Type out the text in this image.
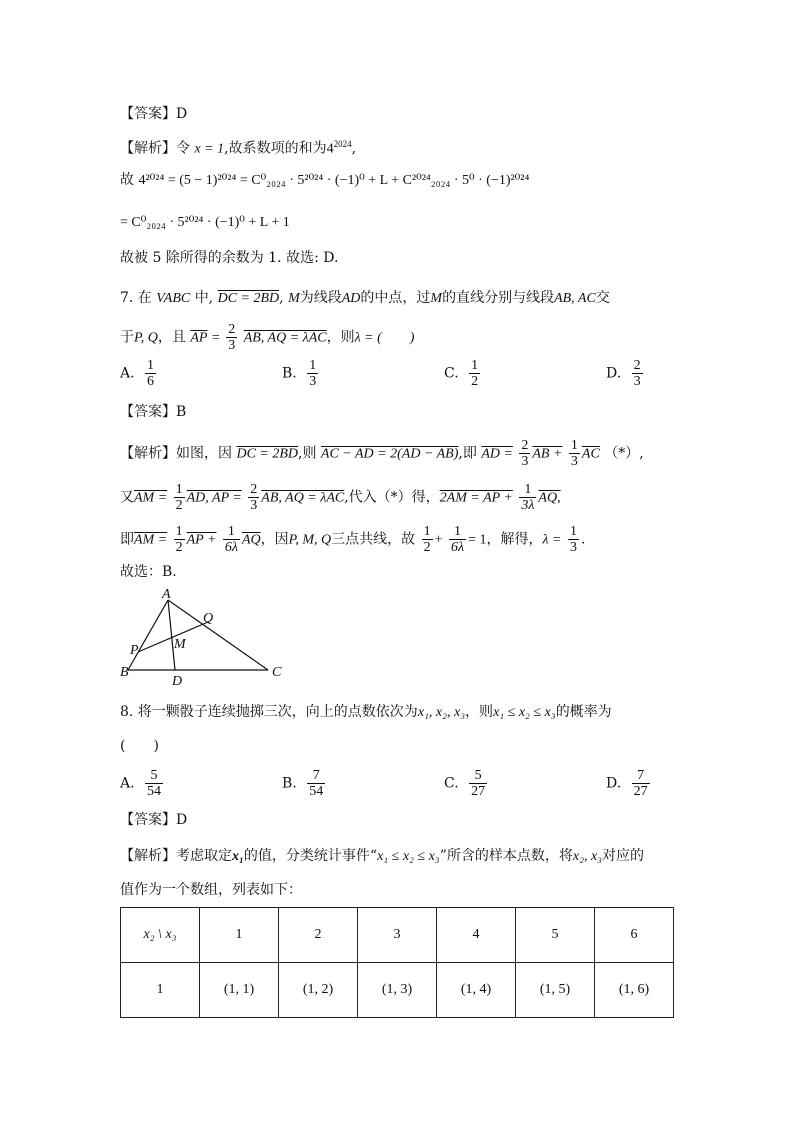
【答案】D
【解析】令 x = 1,故系数项的和为$4^{2024}$,
故 4²⁰²⁴ = (5 − 1)²⁰²⁴ = C⁰₂₀₂₄ · 5²⁰²⁴ · (−1)⁰ + L + C²⁰²⁴₂₀₂₄ · 5⁰ · (−1)²⁰²⁴
= C⁰₂₀₂₄ · 5²⁰²⁴ · (−1)⁰ + L + 1
故被 5 除所得的余数为 1. 故选: D.
7. 在 VABC 中, DC = 2BD, M为线段AD的中点，过M的直线分别与线段AB, AC交
于P, Q，且 $\overline{AP} = \frac{2}{3}$ AB, AQ = λAC，则λ = (　　)
A. $\frac{1}{6}$	B. $\frac{1}{3}$	C. $\frac{1}{2}$	D. $\frac{2}{3}$
【答案】B
【解析】如图，因 DC = 2BD,则 AC − AD = 2(AD − AB),即 AD = $\frac{2}{3}$ AB + $\frac{1}{3} \overline{AC}$ （*）,
又AM = $\frac{1}{2}$ AD, AP = $\frac{2}{3}$ AB, AQ = λAC,代入（*）得，2AM = AP + $\frac{1}{3\lambda}$ AQ,
即AM = $\frac{1}{2}$ AP + $\frac{1}{6\lambda} \overline{AQ}$，因P, M, Q三点共线，故 $\frac{1}{2} + \frac{1}{6\lambda} = 1$，解得，$\lambda = \frac{1}{3}$ .
故选：B.
A
Q
M
P
B
D
C
8. 将一颗骰子连续抛掷三次，向上的点数依次为x₁, x₂, x₃，则x₁ ≤ x₂ ≤ x₃的概率为
(　　)
A. $\frac{5}{54}$	B. $\frac{7}{54}$	C. $\frac{5}{27}$	D. $\frac{7}{27}$
【答案】D
【解析】考虑取定x₁的值，分类统计事件“x₁ ≤ x₂ ≤ x₃”所含的样本点数，将x₂, x₃对应的
值作为一个数组，列表如下：
x₂ \ x₃	1	2	3	4	5	6
1	(1, 1)	(1, 2)	(1, 3)	(1, 4)	(1, 5)	(1, 6)
